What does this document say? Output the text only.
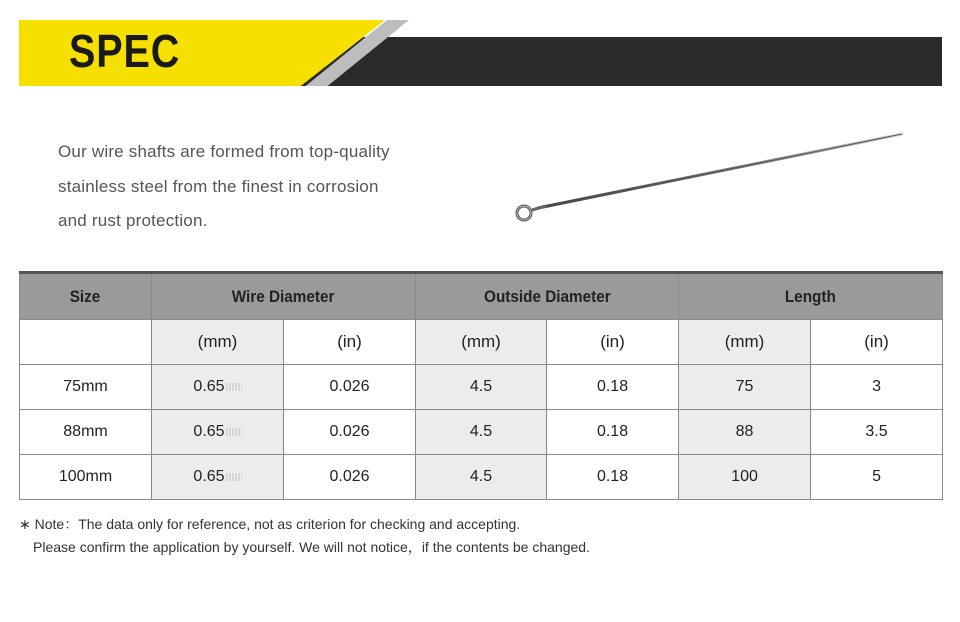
SPEC
Our wire shafts are formed from top-quality
stainless steel from the finest in corrosion
and rust protection.
Size	Wire Diameter		Outside Diameter		Length	
	(mm)	(in)	(mm)	(in)	(mm)	(in)
75mm	0.65	0.026	4.5	0.18	75	3
88mm	0.65	0.026	4.5	0.18	88	3.5
100mm	0.65	0.026	4.5	0.18	100	5
∗ Note：The data only for reference, not as criterion for checking and accepting.
Please confirm the application by yourself. We will not notice，if the contents be changed.
